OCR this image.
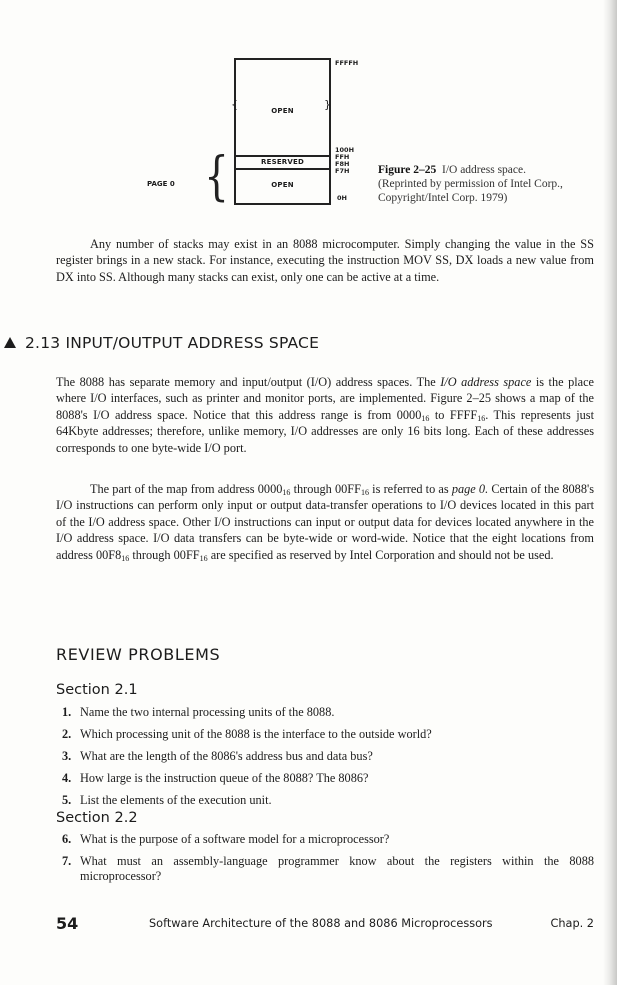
{	}
OPEN
RESERVED
OPEN
FFFFH
100H
FFH
F8H
F7H
0H
{
PAGE 0
Figure 2–25 I/O address space. (Reprinted by permission of Intel Corp., Copyright/Intel Corp. 1979)

Any number of stacks may exist in an 8088 microcomputer. Simply changing the value in the SS register brings in a new stack. For instance, executing the instruction MOV SS, DX loads a new value from DX into SS. Although many stacks can exist, only one can be active at a time.

2.13 INPUT/OUTPUT ADDRESS SPACE

The 8088 has separate memory and input/output (I/O) address spaces. The I/O address space is the place where I/O interfaces, such as printer and monitor ports, are implemented. Figure 2–25 shows a map of the 8088's I/O address space. Notice that this address range is from $0000_{16}$ to $FFFF_{16}$. This represents just 64Kbyte addresses; therefore, unlike memory, I/O addresses are only 16 bits long. Each of these addresses corresponds to one byte-wide I/O port.

The part of the map from address $0000_{16}$ through $00FF_{16}$ is referred to as page 0. Certain of the 8088's I/O instructions can perform only input or output data-transfer operations to I/O devices located in this part of the I/O address space. Other I/O instructions can input or output data for devices located anywhere in the I/O address space. I/O data transfers can be byte-wide or word-wide. Notice that the eight locations from address $00F8_{16}$ through $00FF_{16}$ are specified as reserved by Intel Corporation and should not be used.

REVIEW PROBLEMS
Section 2.1
1. Name the two internal processing units of the 8088.
2. Which processing unit of the 8088 is the interface to the outside world?
3. What are the length of the 8086's address bus and data bus?
4. How large is the instruction queue of the 8088? The 8086?
5. List the elements of the execution unit.
Section 2.2
6. What is the purpose of a software model for a microprocessor?
7. What must an assembly-language programmer know about the registers within the 8088 microprocessor?
54	Software Architecture of the 8088 and 8086 Microprocessors	Chap. 2
